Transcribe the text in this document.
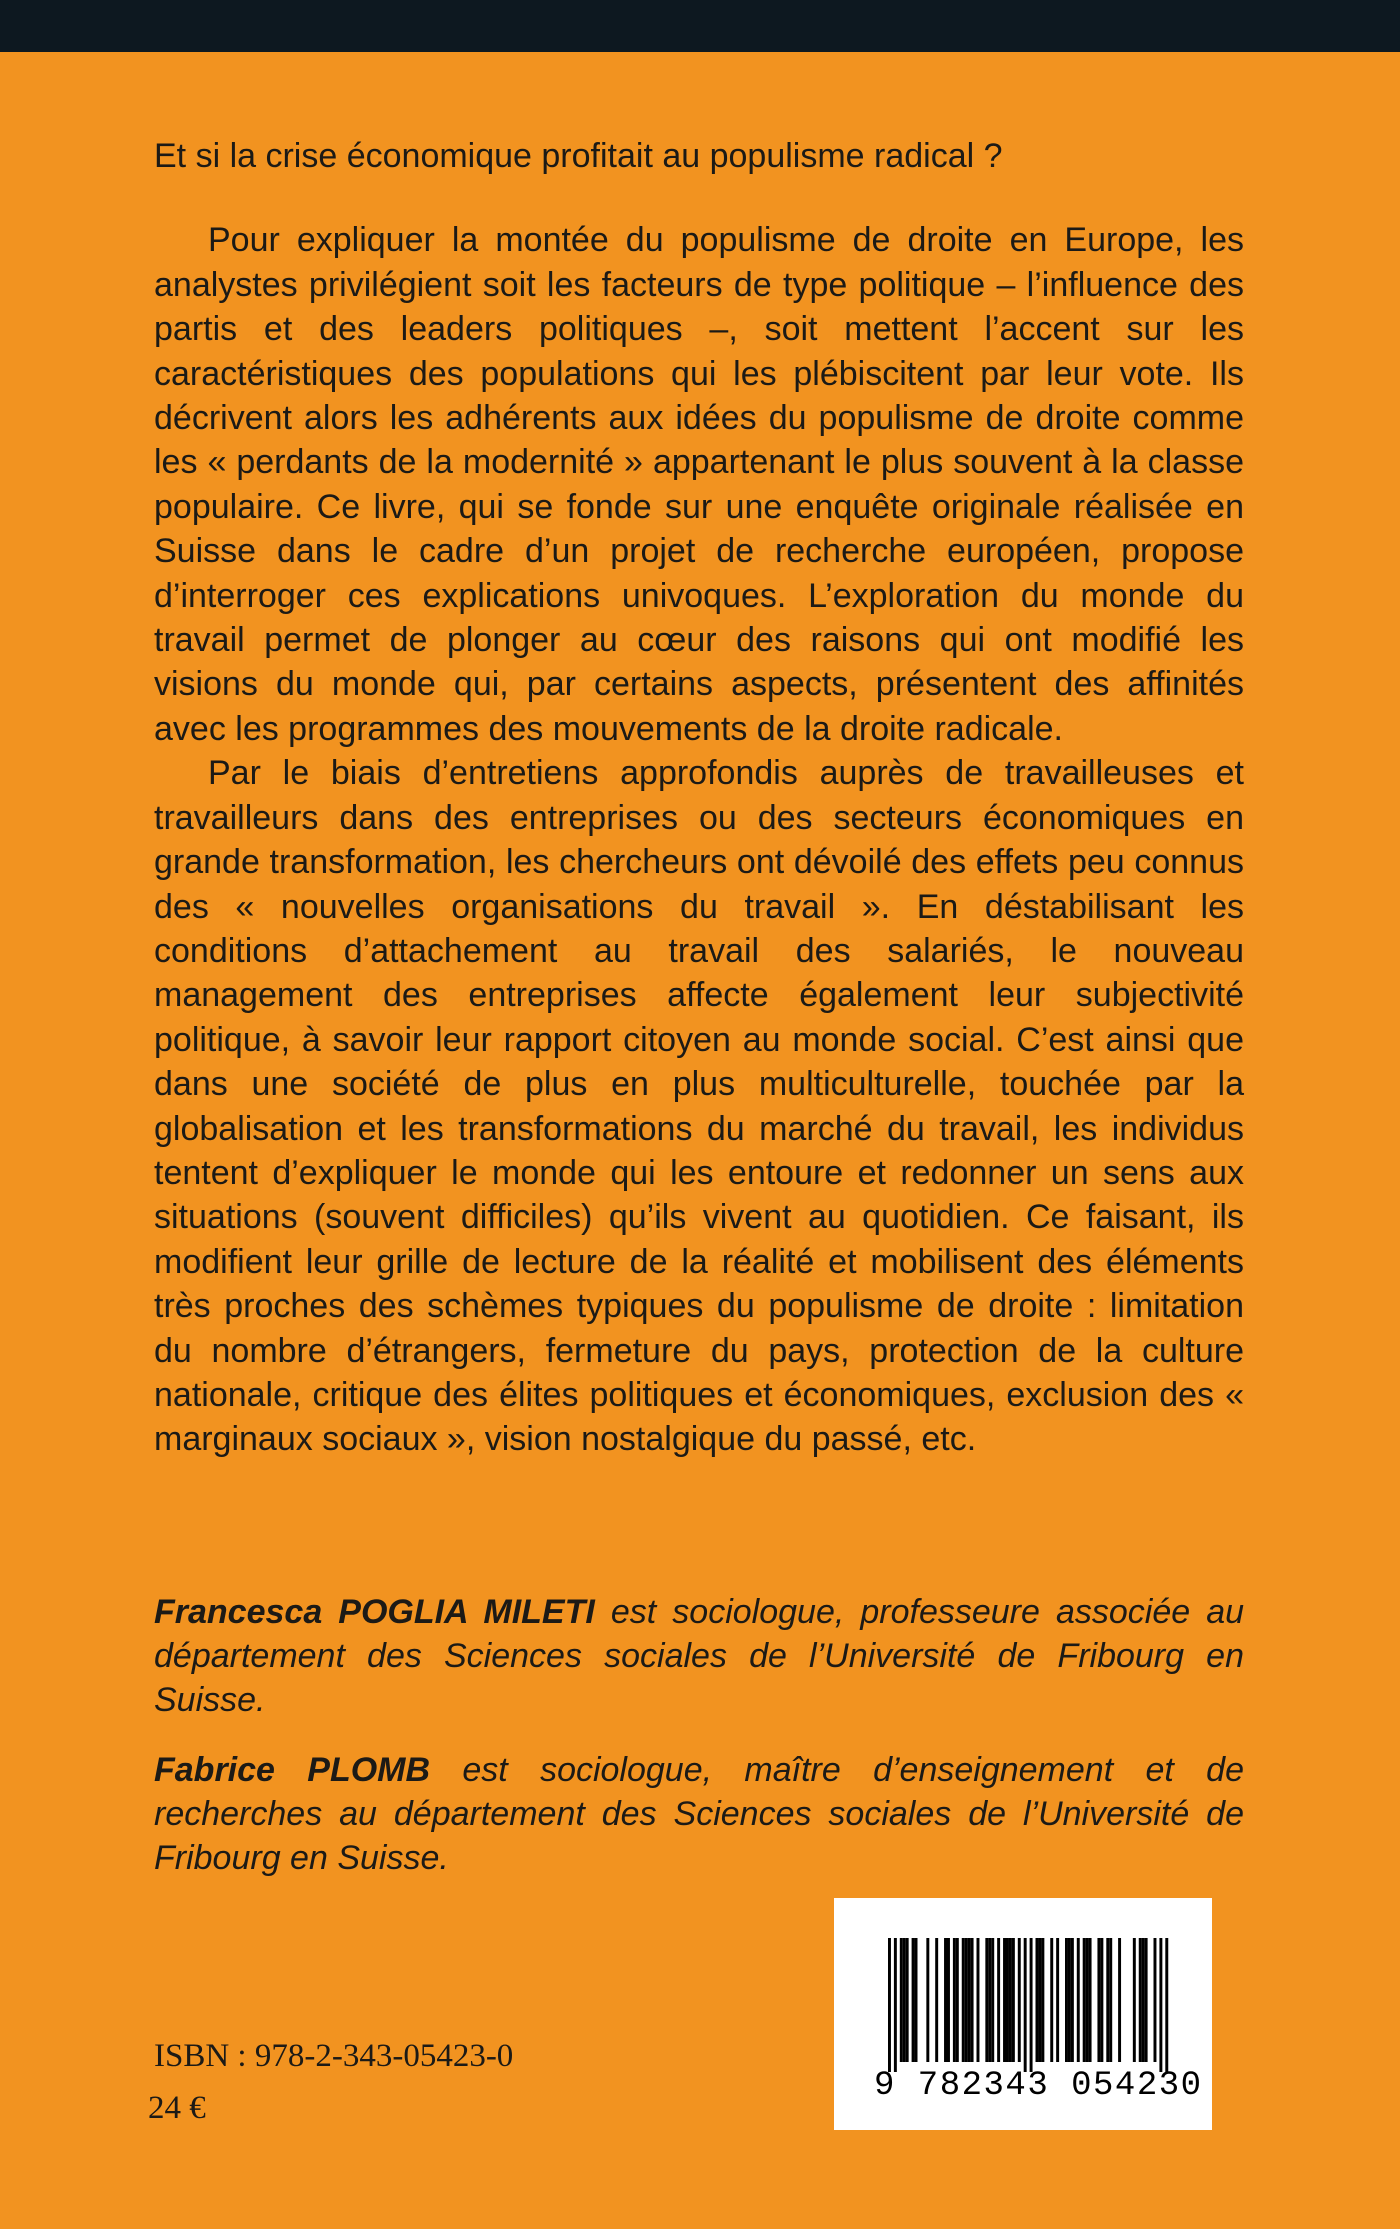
Et si la crise économique profitait au populisme radical ?

Pour expliquer la montée du populisme de droite en Europe, les analystes privilégient soit les facteurs de type politique – l’influence des partis et des leaders politiques –, soit mettent l’accent sur les caractéristiques des populations qui les plébiscitent par leur vote. Ils décrivent alors les adhérents aux idées du populisme de droite comme les « perdants de la modernité » appartenant le plus souvent à la classe populaire. Ce livre, qui se fonde sur une enquête originale réalisée en Suisse dans le cadre d’un projet de recherche européen, propose d’interroger ces explications univoques. L’exploration du monde du travail permet de plonger au cœur des raisons qui ont modifié les visions du monde qui, par certains aspects, présentent des affinités avec les programmes des mouvements de la droite radicale.

Par le biais d’entretiens approfondis auprès de travailleuses et travailleurs dans des entreprises ou des secteurs économiques en grande transformation, les chercheurs ont dévoilé des effets peu connus des « nouvelles organisations du travail ». En déstabilisant les conditions d’attachement au travail des salariés, le nouveau management des entreprises affecte également leur subjectivité politique, à savoir leur rapport citoyen au monde social. C’est ainsi que dans une société de plus en plus multiculturelle, touchée par la globalisation et les transformations du marché du travail, les individus tentent d’expliquer le monde qui les entoure et redonner un sens aux situations (souvent difficiles) qu’ils vivent au quotidien. Ce faisant, ils modifient leur grille de lecture de la réalité et mobilisent des éléments très proches des schèmes typiques du populisme de droite : limitation du nombre d’étrangers, fermeture du pays, protection de la culture nationale, critique des élites politiques et économiques, exclusion des « marginaux sociaux », vision nostalgique du passé, etc.

Francesca POGLIA MILETI est sociologue, professeure associée au département des Sciences sociales de l’Université de Fribourg en Suisse.

Fabrice PLOMB est sociologue, maître d’enseignement et de recherches au département des Sciences sociales de l’Université de Fribourg en Suisse.

ISBN : 978-2-343-05423-0
24 €
9 782343 054230
